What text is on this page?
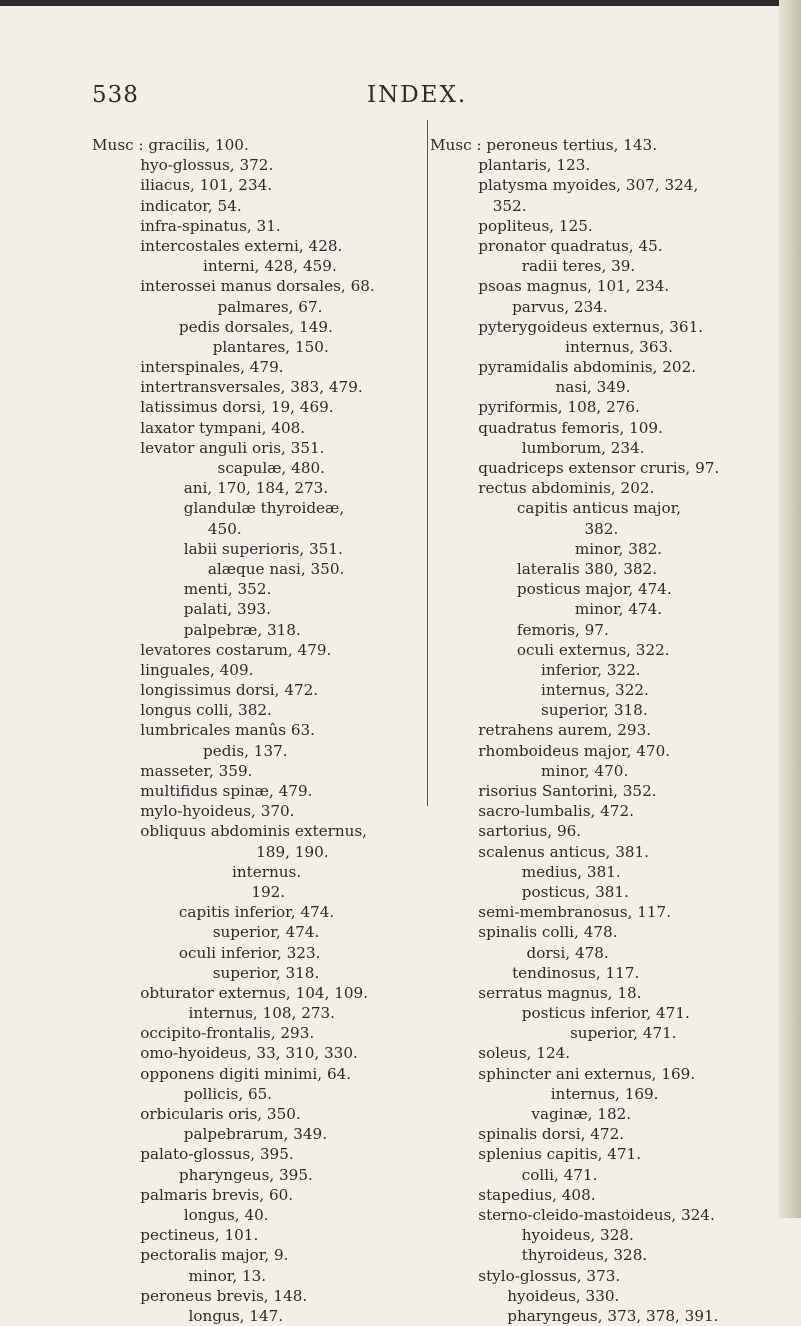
538	INDEX.
Musc : gracilis, 100.
hyo-glossus, 372.
iliacus, 101, 234.
indicator, 54.
infra-spinatus, 31.
intercostales externi, 428.
interni, 428, 459.
interossei manus dorsales, 68.
palmares, 67.
pedis dorsales, 149.
plantares, 150.
interspinales, 479.
intertransversales, 383, 479.
latissimus dorsi, 19, 469.
laxator tympani, 408.
levator anguli oris, 351.
scapulæ, 480.
ani, 170, 184, 273.
glandulæ thyroideæ,
450.
labii superioris, 351.
alæque nasi, 350.
menti, 352.
palati, 393.
palpebræ, 318.
levatores costarum, 479.
linguales, 409.
longissimus dorsi, 472.
longus colli, 382.
lumbricales manûs 63.
pedis, 137.
masseter, 359.
multifidus spinæ, 479.
mylo-hyoideus, 370.
obliquus abdominis externus,
189, 190.
internus.
192.
capitis inferior, 474.
superior, 474.
oculi inferior, 323.
superior, 318.
obturator externus, 104, 109.
internus, 108, 273.
occipito-frontalis, 293.
omo-hyoideus, 33, 310, 330.
opponens digiti minimi, 64.
pollicis, 65.
orbicularis oris, 350.
palpebrarum, 349.
palato-glossus, 395.
pharyngeus, 395.
palmaris brevis, 60.
longus, 40.
pectineus, 101.
pectoralis major, 9.
minor, 13.
peroneus brevis, 148.
longus, 147.
Musc : peroneus tertius, 143.
plantaris, 123.
platysma myoides, 307, 324,
352.
popliteus, 125.
pronator quadratus, 45.
radii teres, 39.
psoas magnus, 101, 234.
parvus, 234.
pyterygoideus externus, 361.
internus, 363.
pyramidalis abdominis, 202.
nasi, 349.
pyriformis, 108, 276.
quadratus femoris, 109.
lumborum, 234.
quadriceps extensor cruris, 97.
rectus abdominis, 202.
capitis anticus major,
382.
minor, 382.
lateralis 380, 382.
posticus major, 474.
minor, 474.
femoris, 97.
oculi externus, 322.
inferior, 322.
internus, 322.
superior, 318.
retrahens aurem, 293.
rhomboideus major, 470.
minor, 470.
risorius Santorini, 352.
sacro-lumbalis, 472.
sartorius, 96.
scalenus anticus, 381.
medius, 381.
posticus, 381.
semi-membranosus, 117.
spinalis colli, 478.
dorsi, 478.
tendinosus, 117.
serratus magnus, 18.
posticus inferior, 471.
superior, 471.
soleus, 124.
sphincter ani externus, 169.
internus, 169.
vaginæ, 182.
spinalis dorsi, 472.
splenius capitis, 471.
colli, 471.
stapedius, 408.
sterno-cleido-mastoideus, 324.
hyoideus, 328.
thyroideus, 328.
stylo-glossus, 373.
hyoideus, 330.
pharyngeus, 373, 378, 391.
